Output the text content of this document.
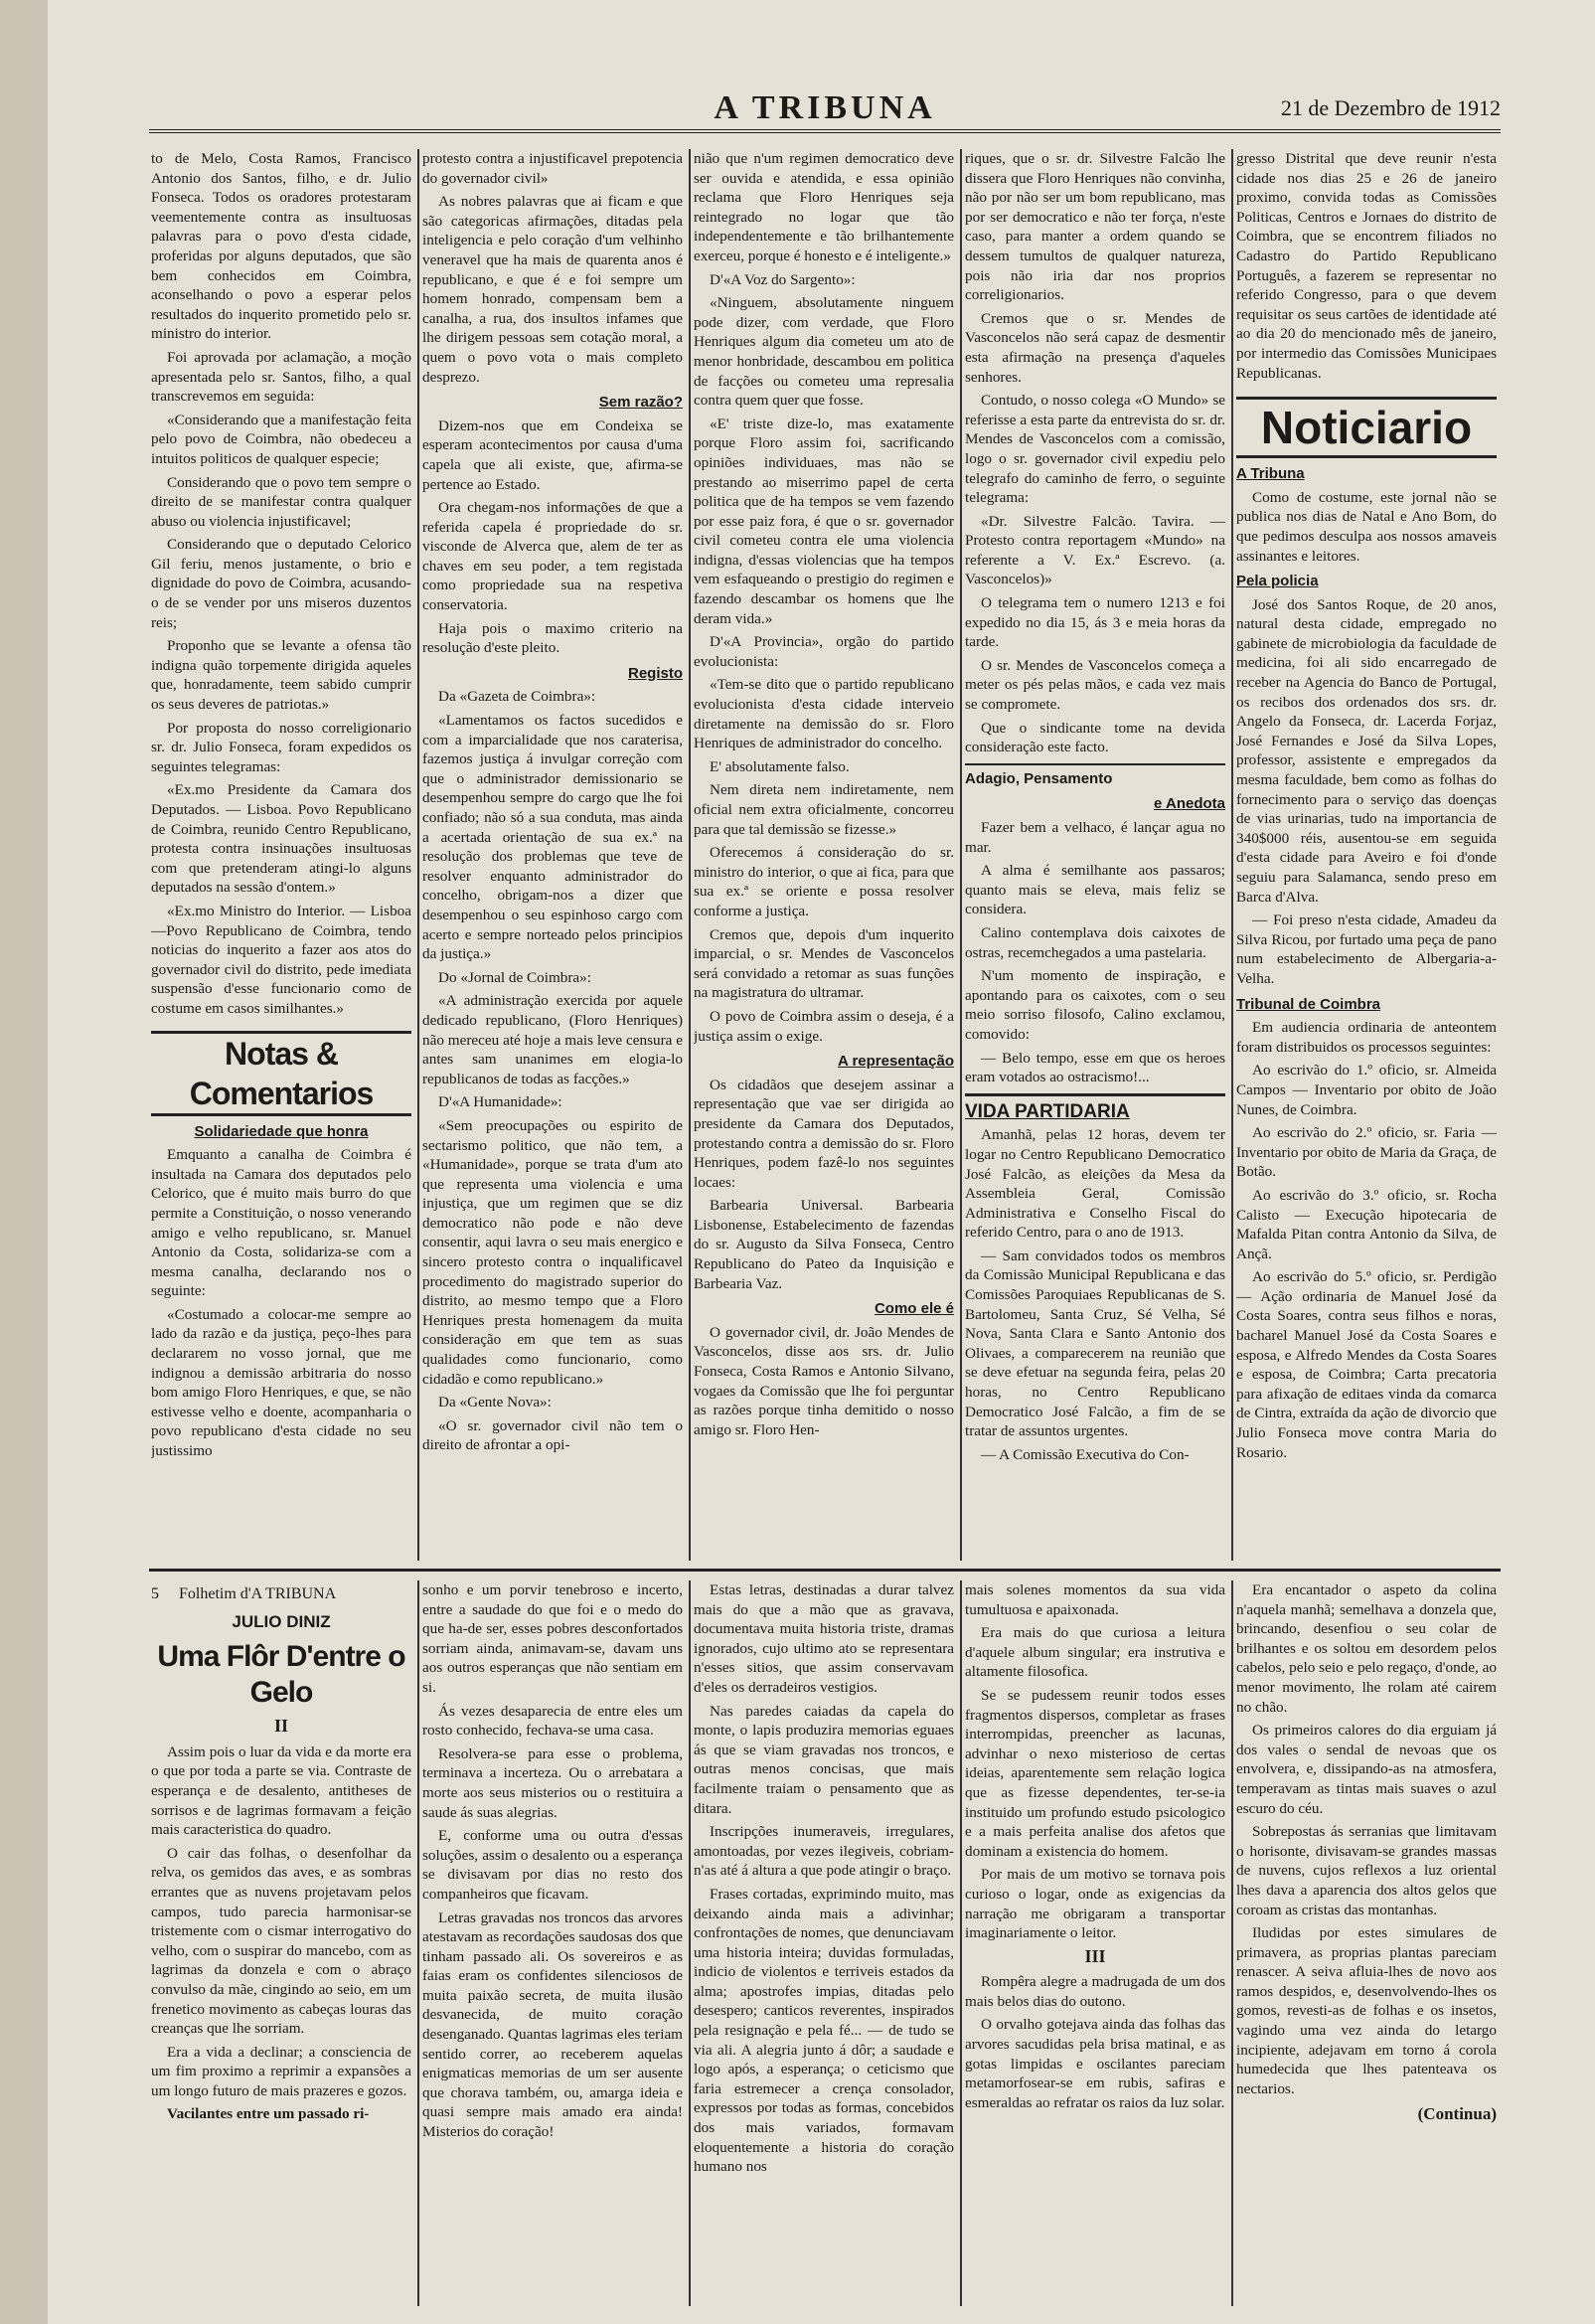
A TRIBUNA	21 de Dezembro de 1912

to de Melo, Costa Ramos, Francisco Antonio dos Santos, filho, e dr. Julio Fonseca. Todos os oradores protestaram veementemente contra as insultuosas palavras para o povo d'esta cidade, proferidas por alguns deputados, que são bem conhecidos em Coimbra, aconselhando o povo a esperar pelos resultados do inquerito prometido pelo sr. ministro do interior.

Foi aprovada por aclamação, a moção apresentada pelo sr. Santos, filho, a qual transcrevemos em seguida:

«Considerando que a manifestação feita pelo povo de Coimbra, não obedeceu a intuitos politicos de qualquer especie;

Considerando que o povo tem sempre o direito de se manifestar contra qualquer abuso ou violencia injustificavel;

Considerando que o deputado Celorico Gil feriu, menos justamente, o brio e dignidade do povo de Coimbra, acusando-o de se vender por uns miseros duzentos reis;

Proponho que se levante a ofensa tão indigna quão torpemente dirigida aqueles que, honradamente, teem sabido cumprir os seus deveres de patriotas.»

Por proposta do nosso correligionario sr. dr. Julio Fonseca, foram expedidos os seguintes telegramas:

«Ex.mo Presidente da Camara dos Deputados. — Lisboa. Povo Republicano de Coimbra, reunido Centro Republicano, protesta contra insinuações insultuosas com que pretenderam atingi-lo alguns deputados na sessão d'ontem.»

«Ex.mo Ministro do Interior. — Lisboa—Povo Republicano de Coimbra, tendo noticias do inquerito a fazer aos atos do governador civil do distrito, pede imediata suspensão d'esse funcionario como de costume em casos similhantes.»

Notas & Comentarios
Solidariedade que honra

Emquanto a canalha de Coimbra é insultada na Camara dos deputados pelo Celorico, que é muito mais burro do que permite a Constituição, o nosso venerando amigo e velho republicano, sr. Manuel Antonio da Costa, solidariza-se com a mesma canalha, declarando nos o seguinte:

«Costumado a colocar-me sempre ao lado da razão e da justiça, peço-lhes para declararem no vosso jornal, que me indignou a demissão arbitraria do nosso bom amigo Floro Henriques, e que, se não estivesse velho e doente, acompanharia o povo republicano d'esta cidade no seu justissimo

protesto contra a injustificavel prepotencia do governador civil»

As nobres palavras que ai ficam e que são categoricas afirmações, ditadas pela inteligencia e pelo coração d'um velhinho veneravel que ha mais de quarenta anos é republicano, e que é e foi sempre um homem honrado, compensam bem a canalha, a rua, dos insultos infames que lhe dirigem pessoas sem cotação moral, a quem o povo vota o mais completo desprezo.

Sem razão?

Dizem-nos que em Condeixa se esperam acontecimentos por causa d'uma capela que ali existe, que, afirma-se pertence ao Estado.

Ora chegam-nos informações de que a referida capela é propriedade do sr. visconde de Alverca que, alem de ter as chaves em seu poder, a tem registada como propriedade sua na respetiva conservatoria.

Haja pois o maximo criterio na resolução d'este pleito.

Registo

Da «Gazeta de Coimbra»:

«Lamentamos os factos sucedidos e com a imparcialidade que nos caraterisa, fazemos justiça á invulgar correção com que o administrador demissionario se desempenhou sempre do cargo que lhe foi confiado; não só a sua conduta, mas ainda a acertada orientação de sua ex.ª na resolução dos problemas que teve de resolver enquanto administrador do concelho, obrigam-nos a dizer que desempenhou o seu espinhoso cargo com acerto e sempre norteado pelos principios da justiça.»

Do «Jornal de Coimbra»:

«A administração exercida por aquele dedicado republicano, (Floro Henriques) não mereceu até hoje a mais leve censura e antes sam unanimes em elogia-lo republicanos de todas as facções.»

D'«A Humanidade»:

«Sem preocupações ou espirito de sectarismo politico, que não tem, a «Humanidade», porque se trata d'um ato que representa uma violencia e uma injustiça, que um regimen que se diz democratico não pode e não deve consentir, aqui lavra o seu mais energico e sincero protesto contra o inqualificavel procedimento do magistrado superior do distrito, ao mesmo tempo que a Floro Henriques presta homenagem da muita consideração em que tem as suas qualidades como funcionario, como cidadão e como republicano.»

Da «Gente Nova»:

«O sr. governador civil não tem o direito de afrontar a opi-

nião que n'um regimen democratico deve ser ouvida e atendida, e essa opinião reclama que Floro Henriques seja reintegrado no logar que tão independentemente e tão brilhantemente exerceu, porque é honesto e é inteligente.»

D'«A Voz do Sargento»:

«Ninguem, absolutamente ninguem pode dizer, com verdade, que Floro Henriques algum dia cometeu um ato de menor honbridade, descambou em politica de facções ou cometeu uma represalia contra quem quer que fosse.

«E' triste dize-lo, mas exatamente porque Floro assim foi, sacrificando opiniões individuaes, mas não se prestando ao miserrimo papel de certa politica que de ha tempos se vem fazendo por esse paiz fora, é que o sr. governador civil cometeu contra ele uma violencia indigna, d'essas violencias que ha tempos vem esfaqueando o prestigio do regimen e fazendo descambar os homens que lhe deram vida.»

D'«A Provincia», orgão do partido evolucionista:

«Tem-se dito que o partido republicano evolucionista d'esta cidade interveio diretamente na demissão do sr. Floro Henriques de administrador do concelho.

E' absolutamente falso.

Nem direta nem indiretamente, nem oficial nem extra oficialmente, concorreu para que tal demissão se fizesse.»

Oferecemos á consideração do sr. ministro do interior, o que ai fica, para que sua ex.ª se oriente e possa resolver conforme a justiça.

Cremos que, depois d'um inquerito imparcial, o sr. Mendes de Vasconcelos será convidado a retomar as suas funções na magistratura do ultramar.

O povo de Coimbra assim o deseja, é a justiça assim o exige.

A representação

Os cidadãos que desejem assinar a representação que vae ser dirigida ao presidente da Camara dos Deputados, protestando contra a demissão do sr. Floro Henriques, podem fazê-lo nos seguintes locaes:

Barbearia Universal. Barbearia Lisbonense, Estabelecimento de fazendas do sr. Augusto da Silva Fonseca, Centro Republicano do Pateo da Inquisição e Barbearia Vaz.

Como ele é

O governador civil, dr. João Mendes de Vasconcelos, disse aos srs. dr. Julio Fonseca, Costa Ramos e Antonio Silvano, vogaes da Comissão que lhe foi perguntar as razões porque tinha demitido o nosso amigo sr. Floro Hen-

riques, que o sr. dr. Silvestre Falcão lhe dissera que Floro Henriques não convinha, não por não ser um bom republicano, mas por ser democratico e não ter força, n'este caso, para manter a ordem quando se dessem tumultos de qualquer natureza, pois não iria dar nos proprios correligionarios.

Cremos que o sr. Mendes de Vasconcelos não será capaz de desmentir esta afirmação na presença d'aqueles senhores.

Contudo, o nosso colega «O Mundo» se referisse a esta parte da entrevista do sr. dr. Mendes de Vasconcelos com a comissão, logo o sr. governador civil expediu pelo telegrafo do caminho de ferro, o seguinte telegrama:

«Dr. Silvestre Falcão. Tavira. — Protesto contra reportagem «Mundo» na referente a V. Ex.ª Escrevo. (a. Vasconcelos)»

O telegrama tem o numero 1213 e foi expedido no dia 15, ás 3 e meia horas da tarde.

O sr. Mendes de Vasconcelos começa a meter os pés pelas mãos, e cada vez mais se compromete.

Que o sindicante tome na devida consideração este facto.

Adagio, Pensamento
e Anedota

Fazer bem a velhaco, é lançar agua no mar.

A alma é semilhante aos passaros; quanto mais se eleva, mais feliz se considera.

Calino contemplava dois caixotes de ostras, recemchegados a uma pastelaria.

N'um momento de inspiração, e apontando para os caixotes, com o seu meio sorriso filosofo, Calino exclamou, comovido:

— Belo tempo, esse em que os heroes eram votados ao ostracismo!...

VIDA PARTIDARIA

Amanhã, pelas 12 horas, devem ter logar no Centro Republicano Democratico José Falcão, as eleições da Mesa da Assembleia Geral, Comissão Administrativa e Conselho Fiscal do referido Centro, para o ano de 1913.

— Sam convidados todos os membros da Comissão Municipal Republicana e das Comissões Paroquiaes Republicanas de S. Bartolomeu, Santa Cruz, Sé Velha, Sé Nova, Santa Clara e Santo Antonio dos Olivaes, a comparecerem na reunião que se deve efetuar na segunda feira, pelas 20 horas, no Centro Republicano Democratico José Falcão, a fim de se tratar de assuntos urgentes.

— A Comissão Executiva do Con-

gresso Distrital que deve reunir n'esta cidade nos dias 25 e 26 de janeiro proximo, convida todas as Comissões Politicas, Centros e Jornaes do distrito de Coimbra, que se encontrem filiados no Cadastro do Partido Republicano Português, a fazerem se representar no referido Congresso, para o que devem requisitar os seus cartões de identidade até ao dia 20 do mencionado mês de janeiro, por intermedio das Comissões Municipaes Republicanas.

Noticiario
A Tribuna

Como de costume, este jornal não se publica nos dias de Natal e Ano Bom, do que pedimos desculpa aos nossos amaveis assinantes e leitores.

Pela policia

José dos Santos Roque, de 20 anos, natural desta cidade, empregado no gabinete de microbiologia da faculdade de medicina, foi ali sido encarregado de receber na Agencia do Banco de Portugal, os recibos dos ordenados dos srs. dr. Angelo da Fonseca, dr. Lacerda Forjaz, José Fernandes e José da Silva Lopes, professor, assistente e empregados da mesma faculdade, bem como as folhas do fornecimento para o serviço das doenças de vias urinarias, tudo na importancia de 340$000 réis, ausentou-se em seguida d'esta cidade para Aveiro e foi d'onde seguiu para Salamanca, sendo preso em Barca d'Alva.

— Foi preso n'esta cidade, Amadeu da Silva Ricou, por furtado uma peça de pano num estabelecimento de Albergaria-a-Velha.

Tribunal de Coimbra

Em audiencia ordinaria de anteontem foram distribuidos os processos seguintes:

Ao escrivão do 1.º oficio, sr. Almeida Campos — Inventario por obito de João Nunes, de Coimbra.

Ao escrivão do 2.º oficio, sr. Faria — Inventario por obito de Maria da Graça, de Botão.

Ao escrivão do 3.º oficio, sr. Rocha Calisto — Execução hipotecaria de Mafalda Pitan contra Antonio da Silva, de Ançã.

Ao escrivão do 5.º oficio, sr. Perdigão — Ação ordinaria de Manuel José da Costa Soares, contra seus filhos e noras, bacharel Manuel José da Costa Soares e esposa, e Alfredo Mendes da Costa Soares e esposa, de Coimbra; Carta precatoria para afixação de editaes vinda da comarca de Cintra, extraída da ação de divorcio que Julio Fonseca move contra Maria do Rosario.

5 Folhetim d'A TRIBUNA
JULIO DINIZ
Uma Flôr D'entre o Gelo
II

Assim pois o luar da vida e da morte era o que por toda a parte se via. Contraste de esperança e de desalento, antitheses de sorrisos e de lagrimas formavam a feição mais caracteristica do quadro.

O cair das folhas, o desenfolhar da relva, os gemidos das aves, e as sombras errantes que as nuvens projetavam pelos campos, tudo parecia harmonisar-se tristemente com o cismar interrogativo do velho, com o suspirar do mancebo, com as lagrimas da donzela e com o abraço convulso da mãe, cingindo ao seio, em um frenetico movimento as cabeças louras das creanças que lhe sorriam.

Era a vida a declinar; a consciencia de um fim proximo a reprimir a expansões a um longo futuro de mais prazeres e gozos.

Vacilantes entre um passado ri-

sonho e um porvir tenebroso e incerto, entre a saudade do que foi e o medo do que ha-de ser, esses pobres desconfortados sorriam ainda, animavam-se, davam uns aos outros esperanças que não sentiam em si.

Ás vezes desaparecia de entre eles um rosto conhecido, fechava-se uma casa.

Resolvera-se para esse o problema, terminava a incerteza. Ou o arrebatara a morte aos seus misterios ou o restituira a saude ás suas alegrias.

E, conforme uma ou outra d'essas soluções, assim o desalento ou a esperança se divisavam por dias no resto dos companheiros que ficavam.

Letras gravadas nos troncos das arvores atestavam as recordações saudosas dos que tinham passado ali. Os sovereiros e as faias eram os confidentes silenciosos de muita paixão secreta, de muita ilusão desvanecida, de muito coração desenganado. Quantas lagrimas eles teriam sentido correr, ao receberem aquelas enigmaticas memorias de um ser ausente que chorava também, ou, amarga ideia e quasi sempre mais amado era ainda! Misterios do coração!

Estas letras, destinadas a durar talvez mais do que a mão que as gravava, documentava muita historia triste, dramas ignorados, cujo ultimo ato se representara n'esses sitios, que assim conservavam d'eles os derradeiros vestigios.

Nas paredes caiadas da capela do monte, o lapis produzira memorias eguaes ás que se viam gravadas nos troncos, e outras menos concisas, que mais facilmente traiam o pensamento que as ditara.

Inscripções inumeraveis, irregulares, amontoadas, por vezes ilegiveis, cobriam-n'as até á altura a que pode atingir o braço.

Frases cortadas, exprimindo muito, mas deixando ainda mais a adivinhar; confrontações de nomes, que denunciavam uma historia inteira; duvidas formuladas, indicio de violentos e terriveis estados da alma; apostrofes impias, ditadas pelo desespero; canticos reverentes, inspirados pela resignação e pela fé... — de tudo se via ali. A alegria junto á dôr; a saudade e logo após, a esperança; o ceticismo que faria estremecer a crença consolador, expressos por todas as formas, concebidos dos mais variados, formavam eloquentemente a historia do coração humano nos

mais solenes momentos da sua vida tumultuosa e apaixonada.

Era mais do que curiosa a leitura d'aquele album singular; era instrutiva e altamente filosofica.

Se se pudessem reunir todos esses fragmentos dispersos, completar as frases interrompidas, preencher as lacunas, advinhar o nexo misterioso de certas ideias, aparentemente sem relação logica que as fizesse dependentes, ter-se-ia instituido um profundo estudo psicologico e a mais perfeita analise dos afetos que dominam a existencia do homem.

Por mais de um motivo se tornava pois curioso o logar, onde as exigencias da narração me obrigaram a transportar imaginariamente o leitor.

III

Rompêra alegre a madrugada de um dos mais belos dias do outono.

O orvalho gotejava ainda das folhas das arvores sacudidas pela brisa matinal, e as gotas limpidas e oscilantes pareciam metamorfosear-se em rubis, safiras e esmeraldas ao refratar os raios da luz solar.

Era encantador o aspeto da colina n'aquela manhã; semelhava a donzela que, brincando, desenfiou o seu colar de brilhantes e os soltou em desordem pelos cabelos, pelo seio e pelo regaço, d'onde, ao menor movimento, lhe rolam até cairem no chão.

Os primeiros calores do dia erguiam já dos vales o sendal de nevoas que os envolvera, e, dissipando-as na atmosfera, temperavam as tintas mais suaves o azul escuro do céu.

Sobrepostas ás serranias que limitavam o horisonte, divisavam-se grandes massas de nuvens, cujos reflexos a luz oriental lhes dava a aparencia dos altos gelos que coroam as cristas das montanhas.

Iludidas por estes simulares de primavera, as proprias plantas pareciam renascer. A seiva afluia-lhes de novo aos ramos despidos, e, desenvolvendo-lhes os gomos, revesti-as de folhas e os insetos, vagindo uma vez ainda do letargo incipiente, adejavam em torno á corola humedecida que lhes patenteava os nectarios.

(Continua)
